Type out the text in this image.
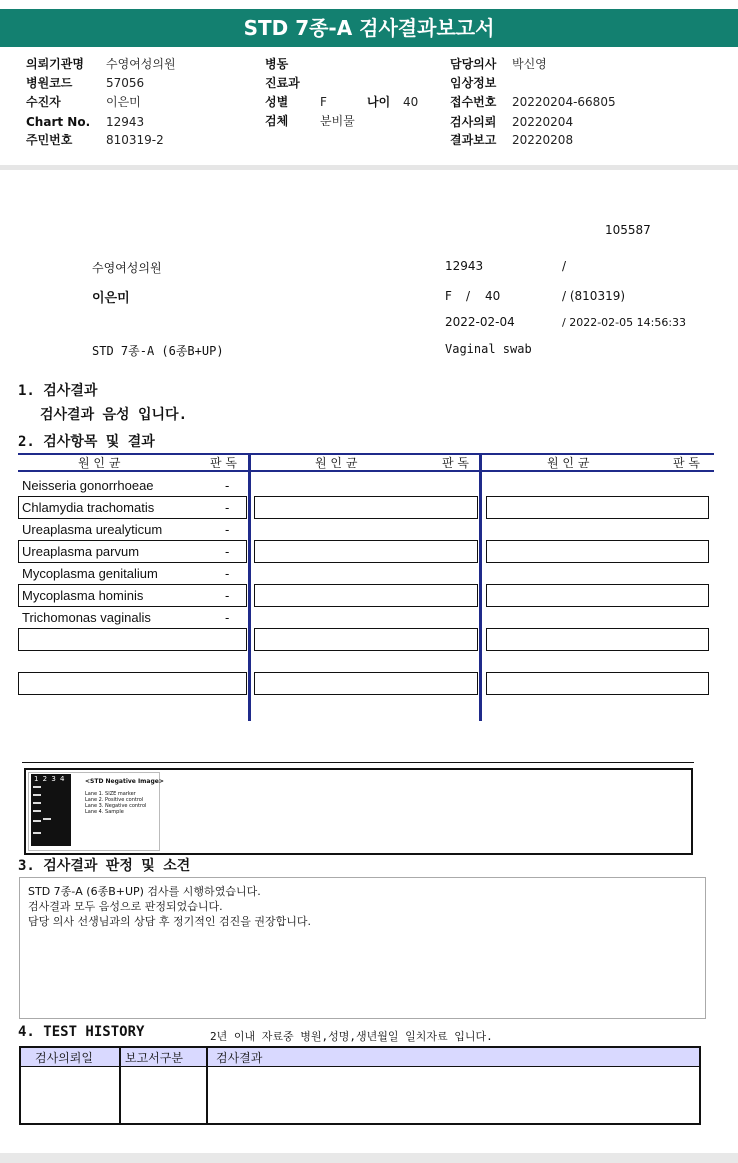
STD 7종-A 검사결과보고서
의뢰기관명 수영여성의원
병원코드	57056
수진자	이은미
Chart No. 12943
주민번호	810319-2
병동
진료과
성별	F	나이 40
검체	분비물
담당의사 박신영
임상정보
접수번호 20220204-66805
검사의뢰 20220204
결과보고 20220208
105587
수영여성의원	12943	/
이은미	F / 40	/ (810319)
2022-02-04	/ 2022-02-05 14:56:33
STD 7종-A (6종B+UP)	Vaginal swab
1. 검사결과
검사결과 음성 입니다.
2. 검사항목 및 결과
원 인 균	판 독	원 인 균	판 독	원 인 균	판 독
Neisseria gonorrhoeae	-
Chlamydia trachomatis	-
Ureaplasma urealyticum	-
Ureaplasma parvum	-
Mycoplasma genitalium	-
Mycoplasma hominis	-
Trichomonas vaginalis	-
1 2 3 4	<STD Negative Image>
Lane 1. SIZE marker
Lane 2. Positive control
Lane 3. Negative control
Lane 4. Sample
3. 검사결과 판정 및 소견
STD 7종-A (6종B+UP) 검사를 시행하였습니다.
검사결과 모두 음성으로 판정되었습니다.
담당 의사 선생님과의 상담 후 정기적인 검진을 권장합니다.
4. TEST HISTORY	2년 이내 자료중 병원,성명,생년월일 일치자료 입니다.
검사의뢰일	보고서구분	검사결과
